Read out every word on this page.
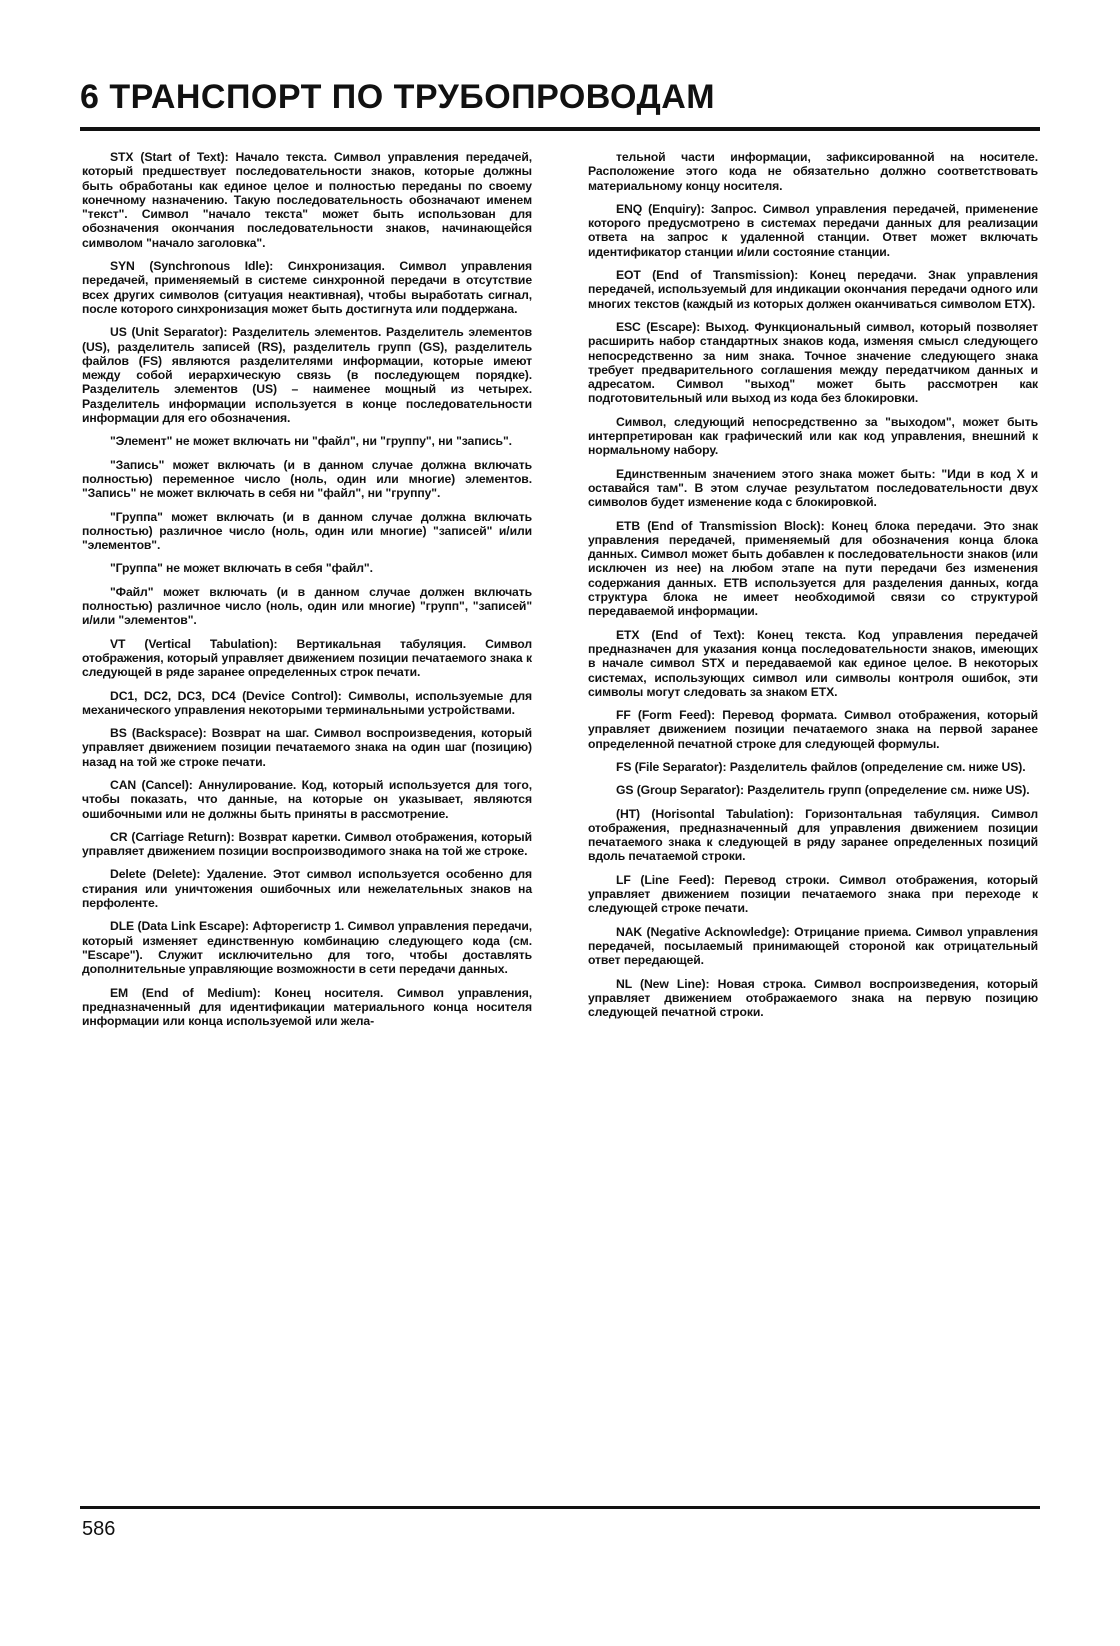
6 ТРАНСПОРТ ПО ТРУБОПРОВОДАМ

STX (Start of Text): Начало текста. Символ управления передачей, который предшествует последовательности знаков, которые должны быть обработаны как единое целое и полностью переданы по своему конечному назначению. Такую последовательность обозначают именем "текст". Символ "начало текста" может быть использован для обозначения окончания последовательности знаков, начинающейся символом "начало заголовка".

SYN (Synchronous Idle): Синхронизация. Символ управления передачей, применяемый в системе синхронной передачи в отсутствие всех других символов (ситуация неактивная), чтобы выработать сигнал, после которого синхронизация может быть достигнута или поддержана.

US (Unit Separator): Разделитель элементов. Разделитель элементов (US), разделитель записей (RS), разделитель групп (GS), разделитель файлов (FS) являются разделителями информации, которые имеют между собой иерархическую связь (в последующем порядке). Разделитель элементов (US) – наименее мощный из четырех. Разделитель информации используется в конце последовательности информации для его обозначения.

"Элемент" не может включать ни "файл", ни "группу", ни "запись".

"Запись" может включать (и в данном случае должна включать полностью) переменное число (ноль, один или многие) элементов. "Запись" не может включать в себя ни "файл", ни "группу".

"Группа" может включать (и в данном случае должна включать полностью) различное число (ноль, один или многие) "записей" и/или "элементов".

"Группа" не может включать в себя "файл".

"Файл" может включать (и в данном случае должен включать полностью) различное число (ноль, один или многие) "групп", "записей" и/или "элементов".

VT (Vertical Tabulation): Вертикальная табуляция. Символ отображения, который управляет движением позиции печатаемого знака к следующей в ряде заранее определенных строк печати.

DC1, DC2, DC3, DC4 (Device Control): Символы, используемые для механического управления некоторыми терминальными устройствами.

BS (Backspace): Возврат на шаг. Символ воспроизведения, который управляет движением позиции печатаемого знака на один шаг (позицию) назад на той же строке печати.

CAN (Cancel): Аннулирование. Код, который используется для того, чтобы показать, что данные, на которые он указывает, являются ошибочными или не должны быть приняты в рассмотрение.

CR (Carriage Return): Возврат каретки. Символ отображения, который управляет движением позиции воспроизводимого знака на той же строке.

Delete (Delete): Удаление. Этот символ используется особенно для стирания или уничтожения ошибочных или нежелательных знаков на перфоленте.

DLE (Data Link Escape): Афторегистр 1. Символ управления передачи, который изменяет единственную комбинацию следующего кода (см. "Escape"). Служит исключительно для того, чтобы доставлять дополнительные управляющие возможности в сети передачи данных.

EM (End of Medium): Конец носителя. Символ управления, предназначенный для идентификации материального конца носителя информации или конца используемой или жела-

тельной части информации, зафиксированной на носителе. Расположение этого кода не обязательно должно соответствовать материальному концу носителя.

ENQ (Enquiry): Запрос. Символ управления передачей, применение которого предусмотрено в системах передачи данных для реализации ответа на запрос к удаленной станции. Ответ может включать идентификатор станции и/или состояние станции.

EOT (End of Transmission): Конец передачи. Знак управления передачей, используемый для индикации окончания передачи одного или многих текстов (каждый из которых должен оканчиваться символом ETX).

ESC (Escape): Выход. Функциональный символ, который позволяет расширить набор стандартных знаков кода, изменяя смысл следующего непосредственно за ним знака. Точное значение следующего знака требует предварительного соглашения между передатчиком данных и адресатом. Символ "выход" может быть рассмотрен как подготовительный или выход из кода без блокировки.

Символ, следующий непосредственно за "выходом", может быть интерпретирован как графический или как код управления, внешний к нормальному набору.

Единственным значением этого знака может быть: "Иди в код X и оставайся там". В этом случае результатом последовательности двух символов будет изменение кода с блокировкой.

ETB (End of Transmission Block): Конец блока передачи. Это знак управления передачей, применяемый для обозначения конца блока данных. Символ может быть добавлен к последовательности знаков (или исключен из нее) на любом этапе на пути передачи без изменения содержания данных. ETB используется для разделения данных, когда структура блока не имеет необходимой связи со структурой передаваемой информации.

ETX (End of Text): Конец текста. Код управления передачей предназначен для указания конца последовательности знаков, имеющих в начале символ STX и передаваемой как единое целое. В некоторых системах, использующих символ или символы контроля ошибок, эти символы могут следовать за знаком ETX.

FF (Form Feed): Перевод формата. Символ отображения, который управляет движением позиции печатаемого знака на первой заранее определенной печатной строке для следующей формулы.

FS (File Separator): Разделитель файлов (определение см. ниже US).

GS (Group Separator): Разделитель групп (определение см. ниже US).

(HT) (Horisontal Tabulation): Горизонтальная табуляция. Символ отображения, предназначенный для управления движением позиции печатаемого знака к следующей в ряду заранее определенных позиций вдоль печатаемой строки.

LF (Line Feed): Перевод строки. Символ отображения, который управляет движением позиции печатаемого знака при переходе к следующей строке печати.

NAK (Negative Acknowledge): Отрицание приема. Символ управления передачей, посылаемый принимающей стороной как отрицательный ответ передающей.

NL (New Line): Новая строка. Символ воспроизведения, который управляет движением отображаемого знака на первую позицию следующей печатной строки.

586
